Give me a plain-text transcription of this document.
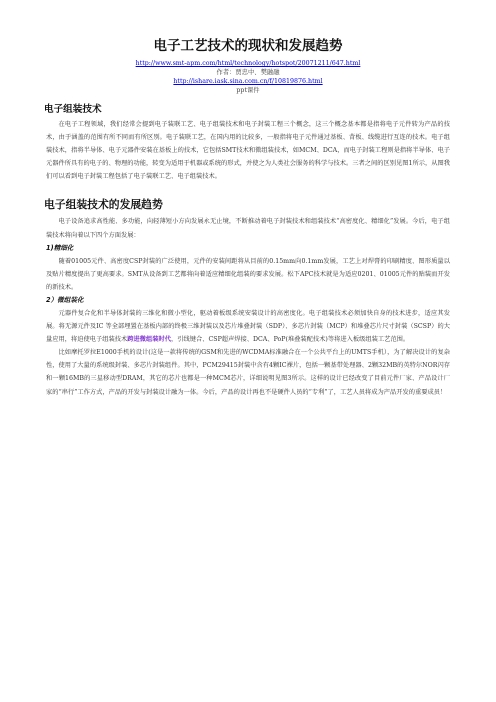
电子工艺技术的现状和发展趋势
http://www.smt-apm.com/html/technology/hotspot/20071211/647.html
作者：贾忠中、樊融融
http://ishare.iask.sina.com.cn/f/10819876.html
ppt课件
电子组装技术

在电子工程领域，我们经常会提到电子装联工艺、电子组装技术和电子封装工程三个概念，这三个概念基本都是指将电子元件转为产品的技术，由于涵盖的范围有所不同而有所区别。电子装联工艺，在国内用的比较多，一般指将电子元件通过基板、背板、线缆进行互连的技术。电子组装技术，指将半导体、电子元器件安装在基板上的技术，它包括SMT技术和微组装技术，如MCM、DCA，而电子封装工程则是指将半导体、电子元器件所具有的电子的、物理的功能，转变为适用于机器或系统的形式，并使之为人类社会服务的科学与技术。三者之间的区别见图1所示，从图我们可以看到电子封装工程包括了电子装联工艺、电子组装技术。

电子组装技术的发展趋势

电子设备追求高性能、多功能，向轻薄短小方向发展永无止境，不断推动着电子封装技术和组装技术“高密度化、精细化”发展。今后，电子组装技术将向着以下四个方面发展：

1)精细化

随着01005元件、高密度CSP封装的广泛使用，元件的安装间距将从目前的0.15mm向0.1mm发展，工艺上对焊膏的印刷精度、图形质量以及贴片精度提出了更高要求。SMT从设备到工艺都将向着适应精细化组装的要求发展。松下APC技术就是为适应0201、01005元件的贴装而开发的新技术。

2）微组装化

元器件复合化和半导体封装的三维化和微小型化，驱动着板级系统安装设计的高密度化。电子组装技术必须加快自身的技术进步，适应其发展。将无源元件及IC 等全部埋置在基板内部的终极三维封装以及芯片堆叠封装（SDP）、多芯片封装（MCP）和堆叠芯片尺寸封装（SCSP）的大量应用，将迫使电子组装技术跨进微组装时代，引线键合、CSP超声焊接、DCA、PoP(堆叠装配技术)等将进入板级组装工艺范围。

比如摩托罗拉E1000手机的设计(这是一款将传统的GSM和先进的WCDMA标准融合在一个公共平台上的UMTS手机），为了解决设计的复杂性，使用了大量的系统级封装、多芯片封装组件。其中，PCM29415封装中含有4颗IC裸片，包括一颗基带处理器、2颗32MB的英特尔NOR闪存和一颗16MB的三星移动型DRAM，其它的芯片也都是一种MCM芯片，详细说明见图3所示。这样的设计已经改变了目前元件厂家、产品设计厂家的“串行”工作方式，产品的开发与封装设计融为一体。今后，产品的设计再也不是硬件人员的“专利”了，工艺人员将成为产品开发的重要成员！
